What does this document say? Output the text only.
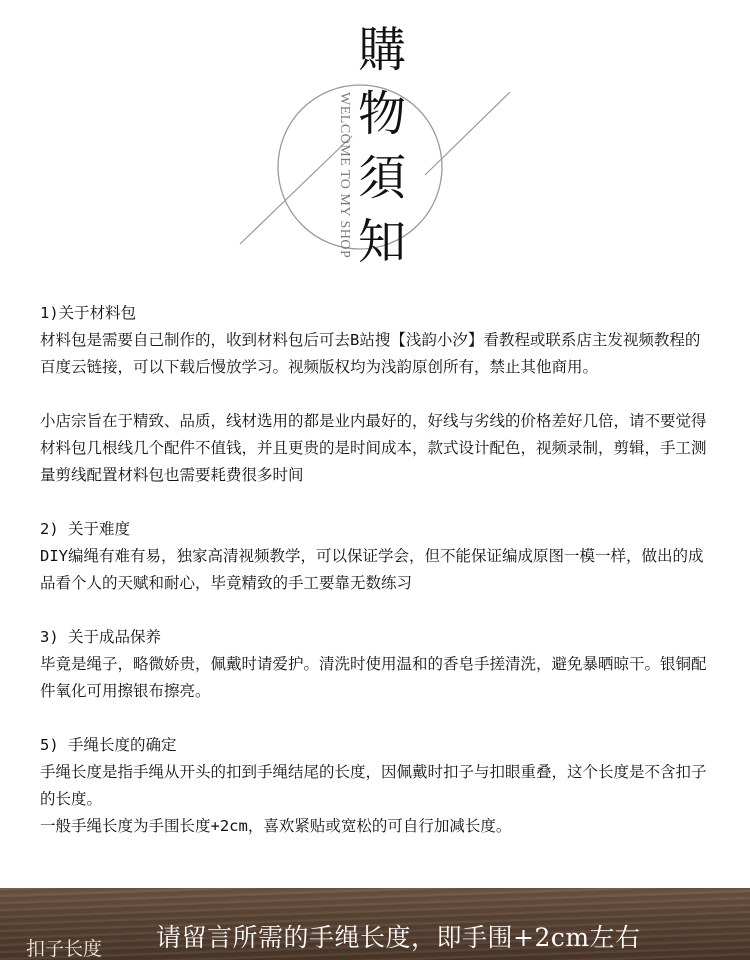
WELCOME TO MY SHOP
購
物
須
知

1)关于材料包

材料包是需要自己制作的，收到材料包后可去B站搜【浅韵小汐】看教程或联系店主发视频教程的百度云链接，可以下载后慢放学习。视频版权均为浅韵原创所有，禁止其他商用。

小店宗旨在于精致、品质，线材选用的都是业内最好的，好线与劣线的价格差好几倍，请不要觉得材料包几根线几个配件不值钱，并且更贵的是时间成本，款式设计配色，视频录制，剪辑，手工测量剪线配置材料包也需要耗费很多时间

2) 关于难度

DIY编绳有难有易，独家高清视频教学，可以保证学会，但不能保证编成原图一模一样，做出的成品看个人的天赋和耐心，毕竟精致的手工要靠无数练习

3) 关于成品保养

毕竟是绳子，略微娇贵，佩戴时请爱护。清洗时使用温和的香皂手搓清洗，避免暴晒晾干。银铜配件氧化可用擦银布擦亮。

5) 手绳长度的确定

手绳长度是指手绳从开头的扣到手绳结尾的长度，因佩戴时扣子与扣眼重叠，这个长度是不含扣子的长度。

一般手绳长度为手围长度+2cm，喜欢紧贴或宽松的可自行加减长度。

请留言所需的手绳长度，即手围+2cm左右
扣子长度
